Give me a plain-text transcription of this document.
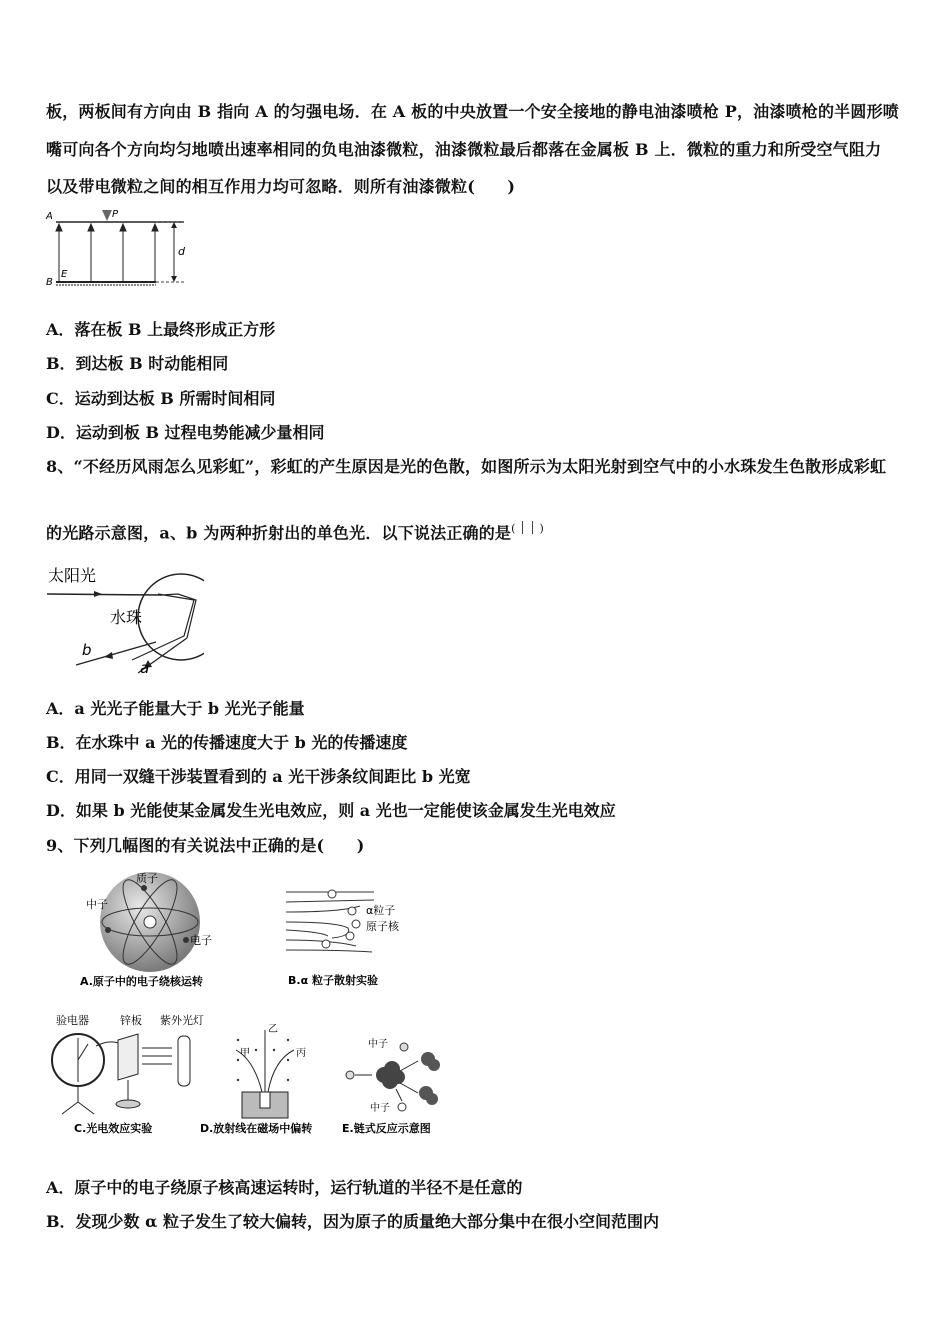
板，两板间有方向由 B 指向 A 的匀强电场．在 A 板的中央放置一个安全接地的静电油漆喷枪 P，油漆喷枪的半圆形喷
嘴可向各个方向均匀地喷出速率相同的负电油漆微粒，油漆微粒最后都落在金属板 B 上．微粒的重力和所受空气阻力
以及带电微粒之间的相互作用力均可忽略．则所有油漆微粒(　　)
A
B
P
E
d
A．落在板 B 上最终形成正方形
B．到达板 B 时动能相同
C．运动到达板 B 所需时间相同
D．运动到板 B 过程电势能减少量相同
8、“不经历风雨怎么见彩虹”，彩虹的产生原因是光的色散，如图所示为太阳光射到空气中的小水珠发生色散形成彩虹
的光路示意图，a、b 为两种折射出的单色光．以下说法正确的是( ׀ ׀ )
太阳光
水珠
b
a
A．a 光光子能量大于 b 光光子能量
B．在水珠中 a 光的传播速度大于 b 光的传播速度
C．用同一双缝干涉装置看到的 a 光干涉条纹间距比 b 光宽
D．如果 b 光能使某金属发生光电效应，则 a 光也一定能使该金属发生光电效应
9、下列几幅图的有关说法中正确的是(　　)
质子
中子
电子
A.原子中的电子绕核运转
α粒子
原子核
B.α 粒子散射实验
验电器	锌板 紫外光灯
C.光电效应实验
甲
乙
丙
D.放射线在磁场中偏转
中子
中子
E.链式反应示意图
A．原子中的电子绕原子核高速运转时，运行轨道的半径不是任意的
B．发现少数 α 粒子发生了较大偏转，因为原子的质量绝大部分集中在很小空间范围内
